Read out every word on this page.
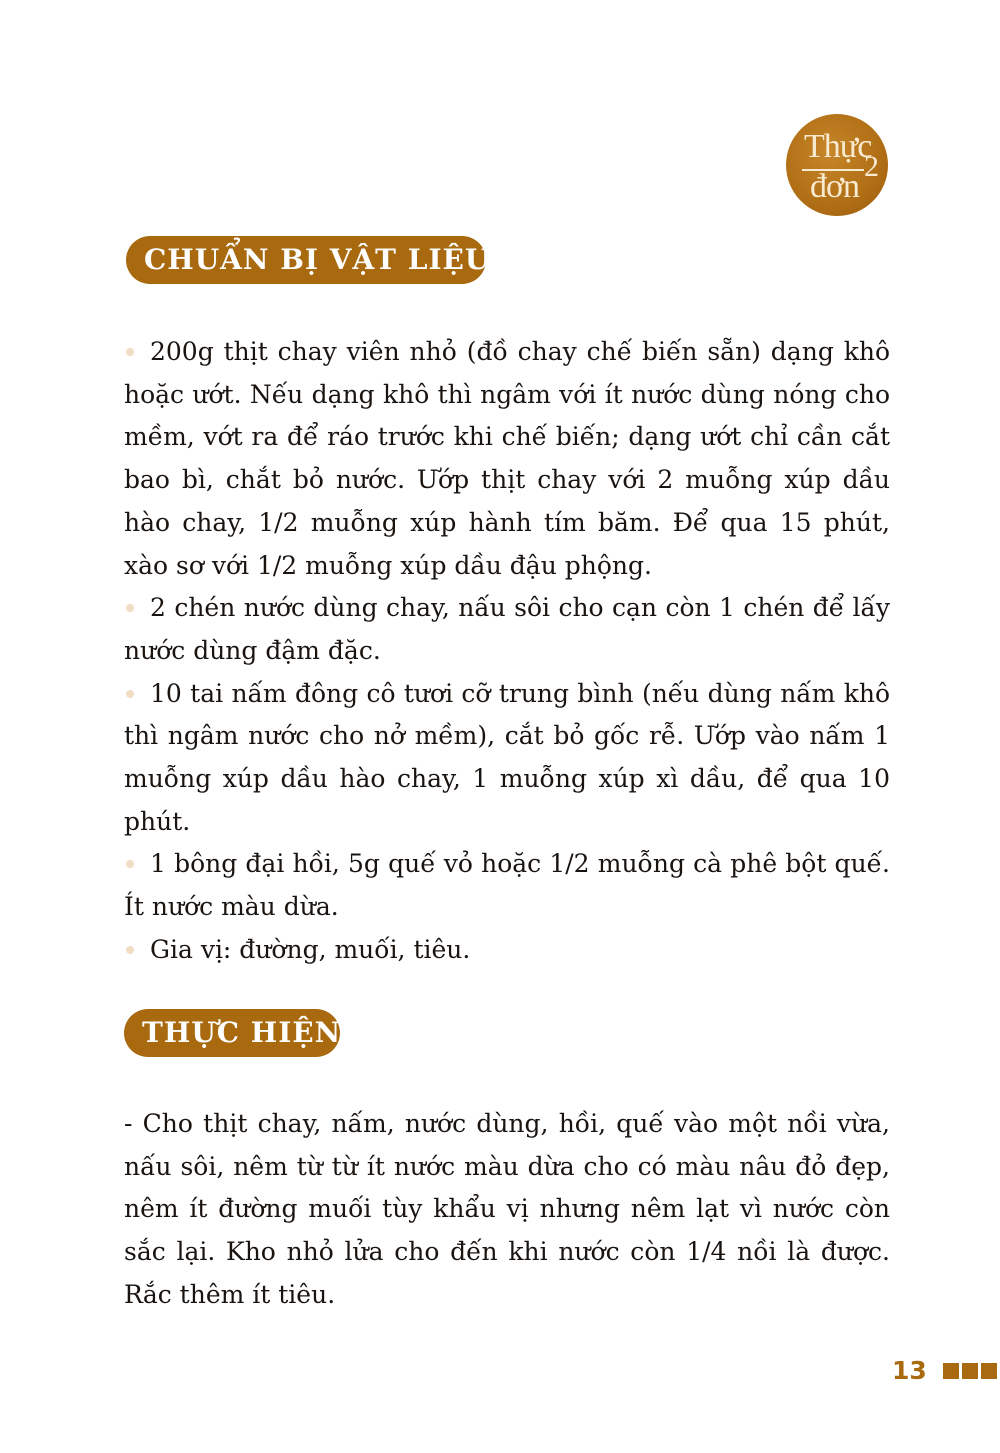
Thực
đơn
2
CHUẨN BỊ VẬT LIỆU:

200g thịt chay viên nhỏ (đồ chay chế biến sẵn) dạng khô hoặc ướt. Nếu dạng khô thì ngâm với ít nước dùng nóng cho mềm, vớt ra để ráo trước khi chế biến; dạng ướt chỉ cần cắt bao bì, chắt bỏ nước. Ướp thịt chay với 2 muỗng xúp dầu hào chay, 1/2 muỗng xúp hành tím băm. Để qua 15 phút, xào sơ với 1/2 muỗng xúp dầu đậu phộng.

2 chén nước dùng chay, nấu sôi cho cạn còn 1 chén để lấy nước dùng đậm đặc.

10 tai nấm đông cô tươi cỡ trung bình (nếu dùng nấm khô thì ngâm nước cho nở mềm), cắt bỏ gốc rễ. Ướp vào nấm 1 muỗng xúp dầu hào chay, 1 muỗng xúp xì dầu, để qua 10 phút.

1 bông đại hồi, 5g quế vỏ hoặc 1/2 muỗng cà phê bột quế. Ít nước màu dừa.

Gia vị: đường, muối, tiêu.

THỰC HIỆN:

- Cho thịt chay, nấm, nước dùng, hồi, quế vào một nồi vừa, nấu sôi, nêm từ từ ít nước màu dừa cho có màu nâu đỏ đẹp, nêm ít đường muối tùy khẩu vị nhưng nêm lạt vì nước còn sắc lại. Kho nhỏ lửa cho đến khi nước còn 1/4 nồi là được. Rắc thêm ít tiêu.

13
